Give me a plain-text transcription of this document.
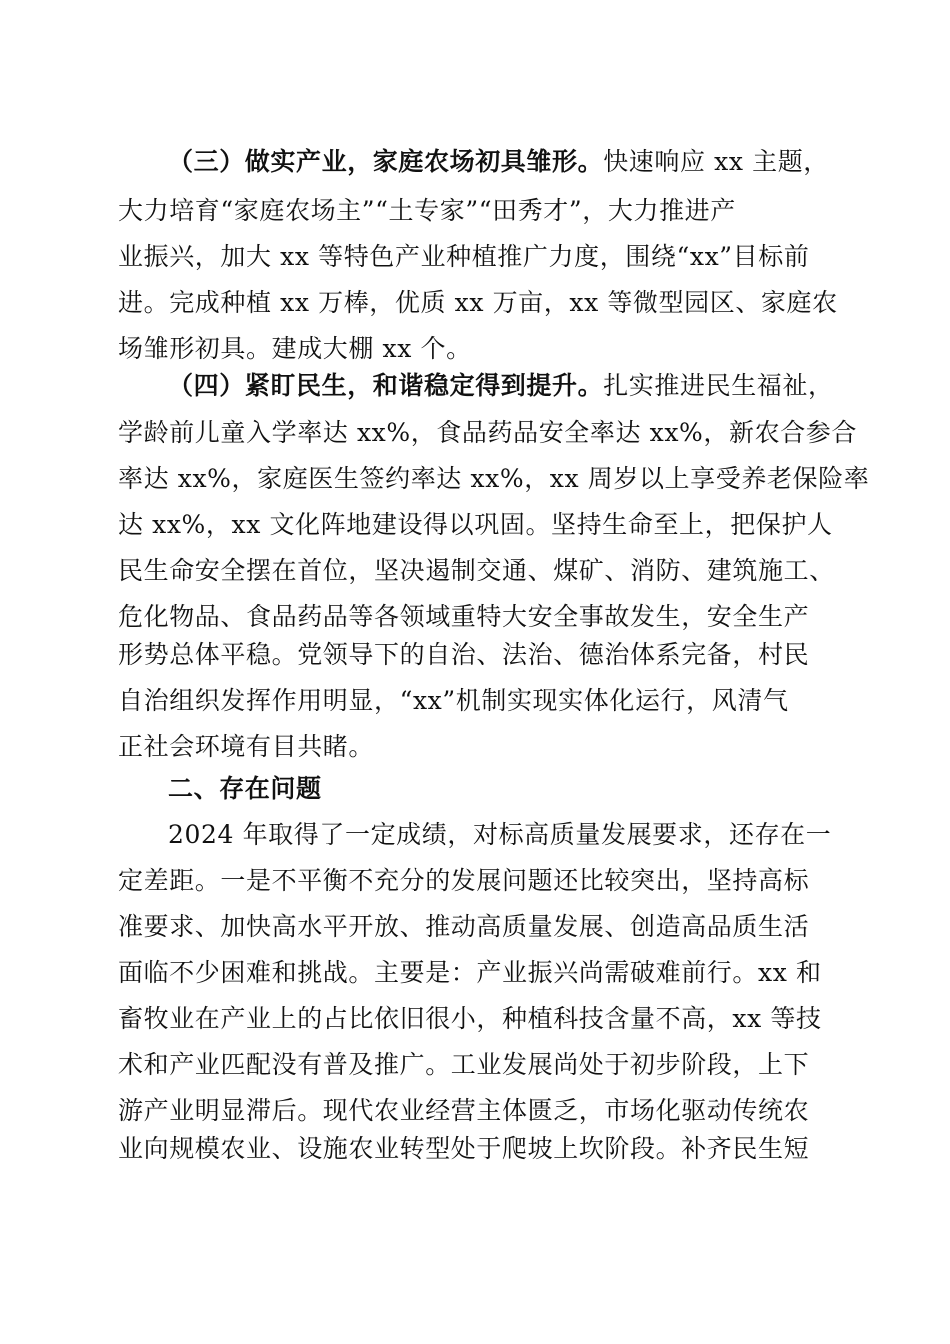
（三）做实产业，家庭农场初具雏形。快速响应 xx 主题，
大力培育“家庭农场主”“土专家”“田秀才”，大力推进产
业振兴，加大 xx 等特色产业种植推广力度，围绕“xx”目标前
进。完成种植 xx 万棒，优质 xx 万亩，xx 等微型园区、家庭农
场雏形初具。建成大棚 xx 个。
（四）紧盯民生，和谐稳定得到提升。扎实推进民生福祉，
学龄前儿童入学率达 xx%，食品药品安全率达 xx%，新农合参合
率达 xx%，家庭医生签约率达 xx%，xx 周岁以上享受养老保险率
达 xx%，xx 文化阵地建设得以巩固。坚持生命至上，把保护人
民生命安全摆在首位，坚决遏制交通、煤矿、消防、建筑施工、
危化物品、食品药品等各领域重特大安全事故发生，安全生产
形势总体平稳。党领导下的自治、法治、德治体系完备，村民
自治组织发挥作用明显，“xx”机制实现实体化运行，风清气
正社会环境有目共睹。
二、存在问题
2024 年取得了一定成绩，对标高质量发展要求，还存在一
定差距。一是不平衡不充分的发展问题还比较突出，坚持高标
准要求、加快高水平开放、推动高质量发展、创造高品质生活
面临不少困难和挑战。主要是：产业振兴尚需破难前行。xx 和
畜牧业在产业上的占比依旧很小，种植科技含量不高，xx 等技
术和产业匹配没有普及推广。工业发展尚处于初步阶段，上下
游产业明显滞后。现代农业经营主体匮乏，市场化驱动传统农
业向规模农业、设施农业转型处于爬坡上坎阶段。补齐民生短
